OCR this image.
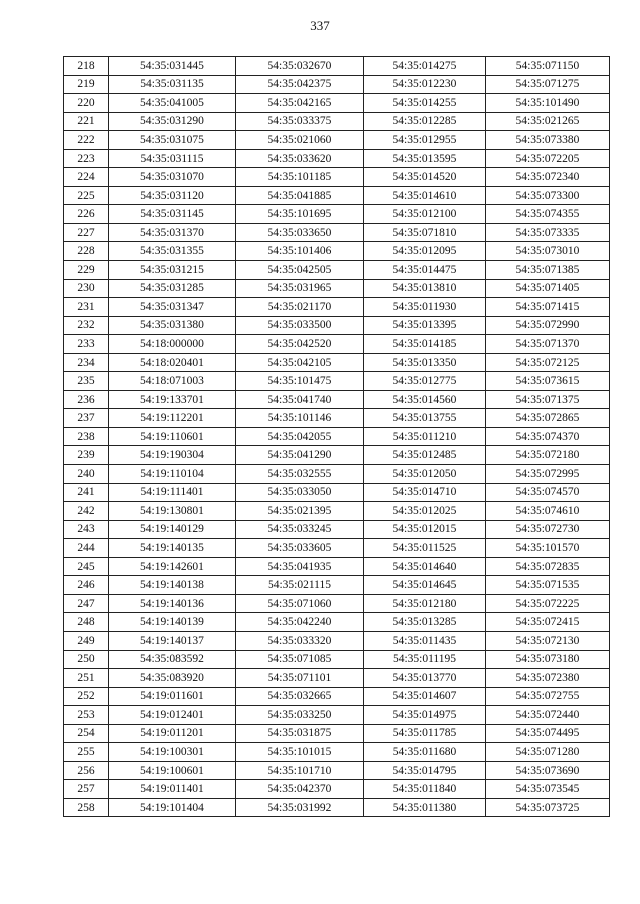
337
218	54:35:031445	54:35:032670	54:35:014275	54:35:071150
219	54:35:031135	54:35:042375	54:35:012230	54:35:071275
220	54:35:041005	54:35:042165	54:35:014255	54:35:101490
221	54:35:031290	54:35:033375	54:35:012285	54:35:021265
222	54:35:031075	54:35:021060	54:35:012955	54:35:073380
223	54:35:031115	54:35:033620	54:35:013595	54:35:072205
224	54:35:031070	54:35:101185	54:35:014520	54:35:072340
225	54:35:031120	54:35:041885	54:35:014610	54:35:073300
226	54:35:031145	54:35:101695	54:35:012100	54:35:074355
227	54:35:031370	54:35:033650	54:35:071810	54:35:073335
228	54:35:031355	54:35:101406	54:35:012095	54:35:073010
229	54:35:031215	54:35:042505	54:35:014475	54:35:071385
230	54:35:031285	54:35:031965	54:35:013810	54:35:071405
231	54:35:031347	54:35:021170	54:35:011930	54:35:071415
232	54:35:031380	54:35:033500	54:35:013395	54:35:072990
233	54:18:000000	54:35:042520	54:35:014185	54:35:071370
234	54:18:020401	54:35:042105	54:35:013350	54:35:072125
235	54:18:071003	54:35:101475	54:35:012775	54:35:073615
236	54:19:133701	54:35:041740	54:35:014560	54:35:071375
237	54:19:112201	54:35:101146	54:35:013755	54:35:072865
238	54:19:110601	54:35:042055	54:35:011210	54:35:074370
239	54:19:190304	54:35:041290	54:35:012485	54:35:072180
240	54:19:110104	54:35:032555	54:35:012050	54:35:072995
241	54:19:111401	54:35:033050	54:35:014710	54:35:074570
242	54:19:130801	54:35:021395	54:35:012025	54:35:074610
243	54:19:140129	54:35:033245	54:35:012015	54:35:072730
244	54:19:140135	54:35:033605	54:35:011525	54:35:101570
245	54:19:142601	54:35:041935	54:35:014640	54:35:072835
246	54:19:140138	54:35:021115	54:35:014645	54:35:071535
247	54:19:140136	54:35:071060	54:35:012180	54:35:072225
248	54:19:140139	54:35:042240	54:35:013285	54:35:072415
249	54:19:140137	54:35:033320	54:35:011435	54:35:072130
250	54:35:083592	54:35:071085	54:35:011195	54:35:073180
251	54:35:083920	54:35:071101	54:35:013770	54:35:072380
252	54:19:011601	54:35:032665	54:35:014607	54:35:072755
253	54:19:012401	54:35:033250	54:35:014975	54:35:072440
254	54:19:011201	54:35:031875	54:35:011785	54:35:074495
255	54:19:100301	54:35:101015	54:35:011680	54:35:071280
256	54:19:100601	54:35:101710	54:35:014795	54:35:073690
257	54:19:011401	54:35:042370	54:35:011840	54:35:073545
258	54:19:101404	54:35:031992	54:35:011380	54:35:073725
